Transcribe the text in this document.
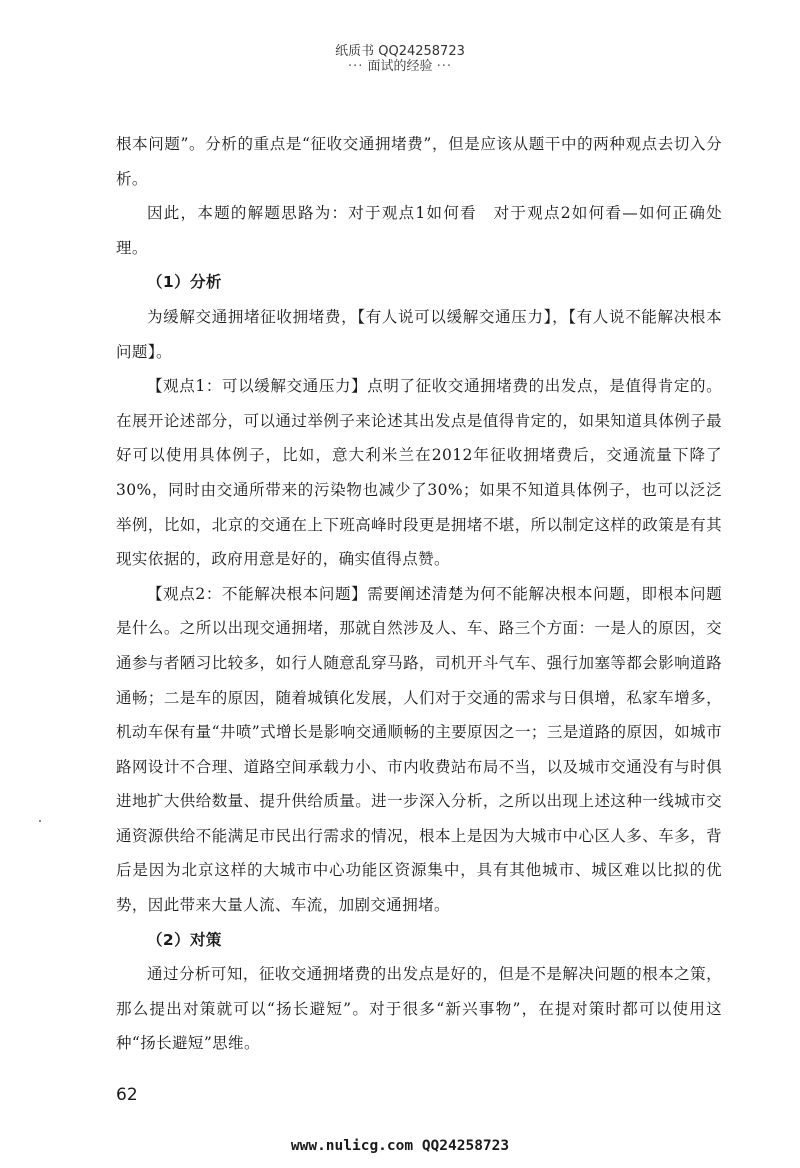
纸质书 QQ24258723
··· 面试的经验 ···

根本问题”。分析的重点是“征收交通拥堵费”，但是应该从题干中的两种观点去切入分析。

因此，本题的解题思路为：对于观点1如何看　对于观点2如何看—如何正确处理。

（1）分析

为缓解交通拥堵征收拥堵费，【有人说可以缓解交通压力】，【有人说不能解决根本问题】。

【观点1：可以缓解交通压力】点明了征收交通拥堵费的出发点，是值得肯定的。在展开论述部分，可以通过举例子来论述其出发点是值得肯定的，如果知道具体例子最好可以使用具体例子，比如，意大利米兰在2012年征收拥堵费后，交通流量下降了30%，同时由交通所带来的污染物也减少了30%；如果不知道具体例子，也可以泛泛举例，比如，北京的交通在上下班高峰时段更是拥堵不堪，所以制定这样的政策是有其现实依据的，政府用意是好的，确实值得点赞。

【观点2：不能解决根本问题】需要阐述清楚为何不能解决根本问题，即根本问题是什么。之所以出现交通拥堵，那就自然涉及人、车、路三个方面：一是人的原因，交通参与者陋习比较多，如行人随意乱穿马路，司机开斗气车、强行加塞等都会影响道路通畅；二是车的原因，随着城镇化发展，人们对于交通的需求与日俱增，私家车增多，机动车保有量“井喷”式增长是影响交通顺畅的主要原因之一；三是道路的原因，如城市路网设计不合理、道路空间承载力小、市内收费站布局不当，以及城市交通没有与时俱进地扩大供给数量、提升供给质量。进一步深入分析，之所以出现上述这种一线城市交通资源供给不能满足市民出行需求的情况，根本上是因为大城市中心区人多、车多，背后是因为北京这样的大城市中心功能区资源集中，具有其他城市、城区难以比拟的优势，因此带来大量人流、车流，加剧交通拥堵。

（2）对策

通过分析可知，征收交通拥堵费的出发点是好的，但是不是解决问题的根本之策，那么提出对策就可以“扬长避短”。对于很多“新兴事物”，在提对策时都可以使用这种“扬长避短”思维。

62
www.nulicg.com QQ24258723
